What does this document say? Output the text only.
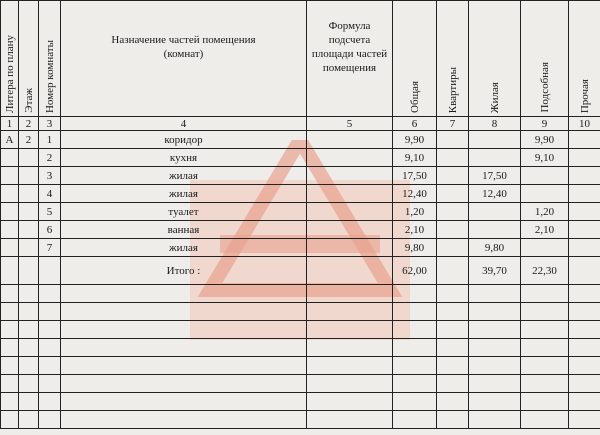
Литера по плану	Этаж	Номер комнаты	Назначение частей помещения (комнат)	Формула подсчета площади частей помещения	Общая	Квартиры	Жилая	Подсобная	Прочая
1	2	3	4	5	6	7	8	9	10
А	2	1	коридор		9,90			9,90	
		2	кухня		9,10			9,10	
		3	жилая		17,50		17,50		
		4	жилая		12,40		12,40		
		5	туалет		1,20			1,20	
		6	ванная		2,10			2,10	
		7	жилая		9,80		9,80		
			Итого :		62,00		39,70	22,30	
